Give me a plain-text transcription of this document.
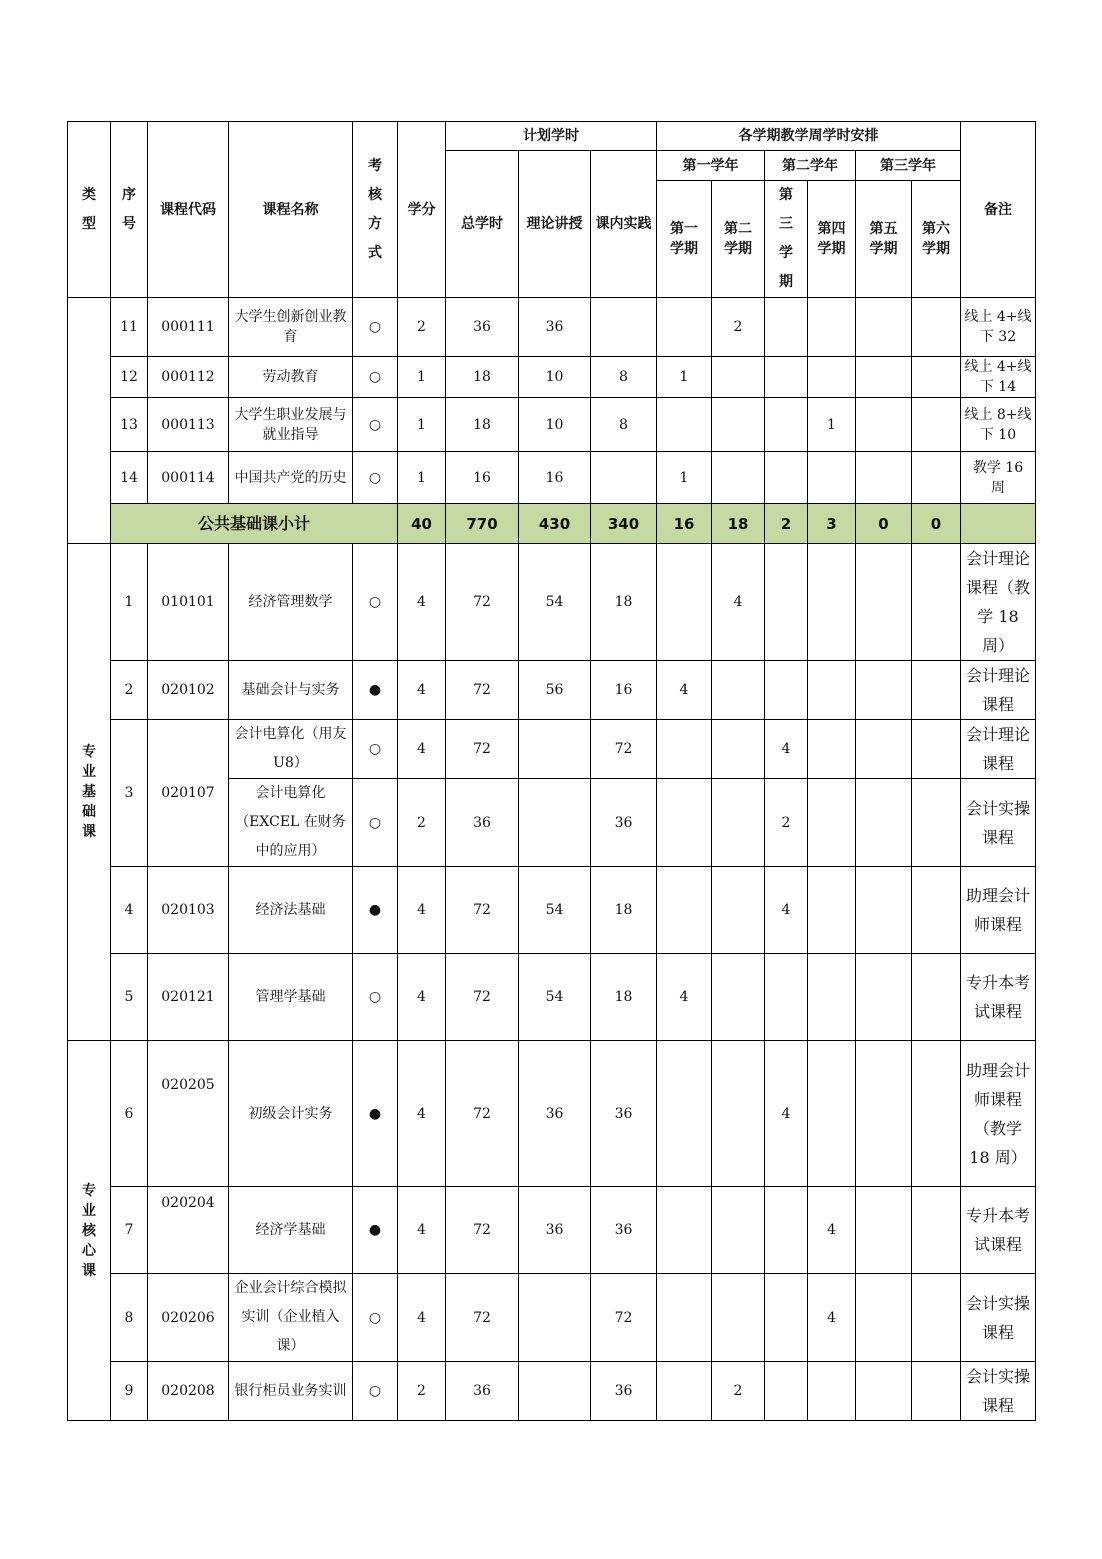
类型	序号	课程代码	课程名称	考核方式	学分	计划学时			各学期教学周学时安排						备注
						总学时	理论讲授	课内实践	第一学年		第二学年		第三学年		
									第一学期	第二学期	第三学期	第四学期	第五学期	第六学期	

	11	000111	大学生创新创业教育	○	2	36	36			2					线上 4+线下 32
	12	000112	劳动教育	○	1	18	10	8	1						线上 4+线下 14
	13	000113	大学生职业发展与就业指导	○	1	18	10	8				1			线上 8+线下 10
	14	000114	中国共产党的历史	○	1	16	16		1						教学 16 周
	公共基础课小计				40	770	430	340	16	18	2	3	0	0	
专业基础课	1	010101	经济管理数学	○	4	72	54	18		4					会计理论课程（教学 18 周）
	2	020102	基础会计与实务	●	4	72	56	16	4						会计理论课程
	3	020107	会计电算化（用友 U8）	○	4	72		72			4				会计理论课程
			会计电算化（EXCEL 在财务中的应用）	○	2	36		36			2				会计实操课程
	4	020103	经济法基础	●	4	72	54	18			4				助理会计师课程
	5	020121	管理学基础	○	4	72	54	18	4						专升本考试课程

专业核心课	6	020205	初级会计实务	●	4	72	36	36			4				助理会计师课程（教学 18 周）
	7	020204	经济学基础	●	4	72	36	36				4			专升本考试课程
	8	020206	企业会计综合模拟实训（企业植入课）	○	4	72		72				4			会计实操课程
	9	020208	银行柜员业务实训	○	2	36		36		2					会计实操课程
